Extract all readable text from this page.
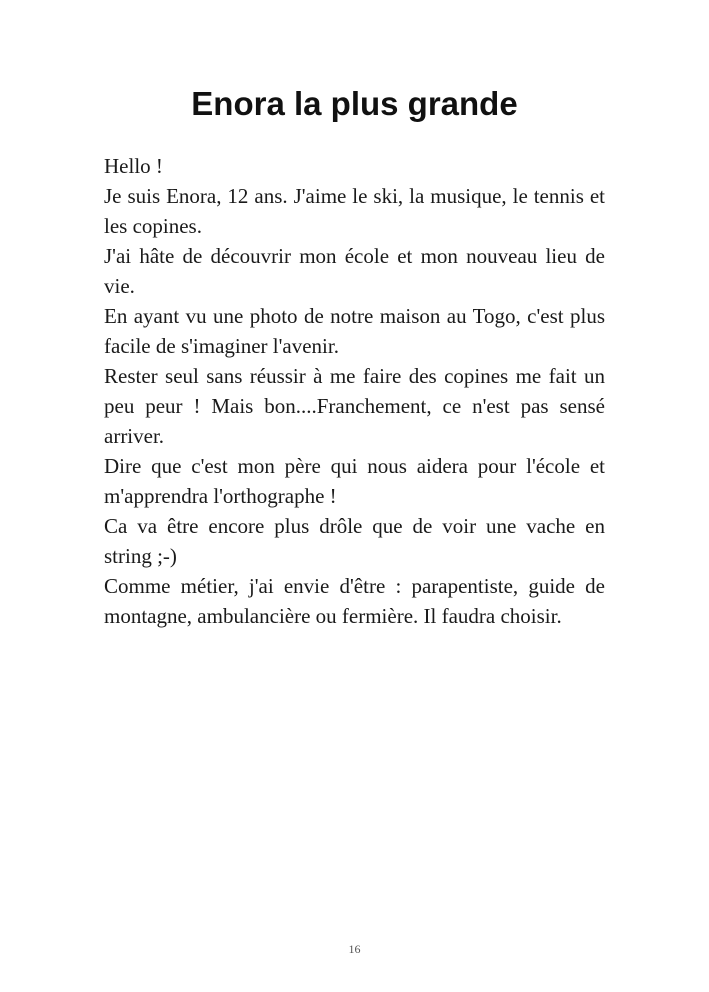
Enora la plus grande

Hello !

Je suis Enora, 12 ans. J'aime le ski, la musique, le tennis et les copines.

J'ai hâte de découvrir mon école et mon nouveau lieu de vie.

En ayant vu une photo de notre maison au Togo, c'est plus facile de s'imaginer l'avenir.

Rester seul sans réussir à me faire des copines me fait un peu peur ! Mais bon....Franchement, ce n'est pas sensé arriver.

Dire que c'est mon père qui nous aidera pour l'école et m'apprendra l'orthographe !

Ca va être encore plus drôle que de voir une vache en string ;-)

Comme métier, j'ai envie d'être : parapentiste, guide de montagne, ambulancière ou fermière. Il faudra choisir.

16
